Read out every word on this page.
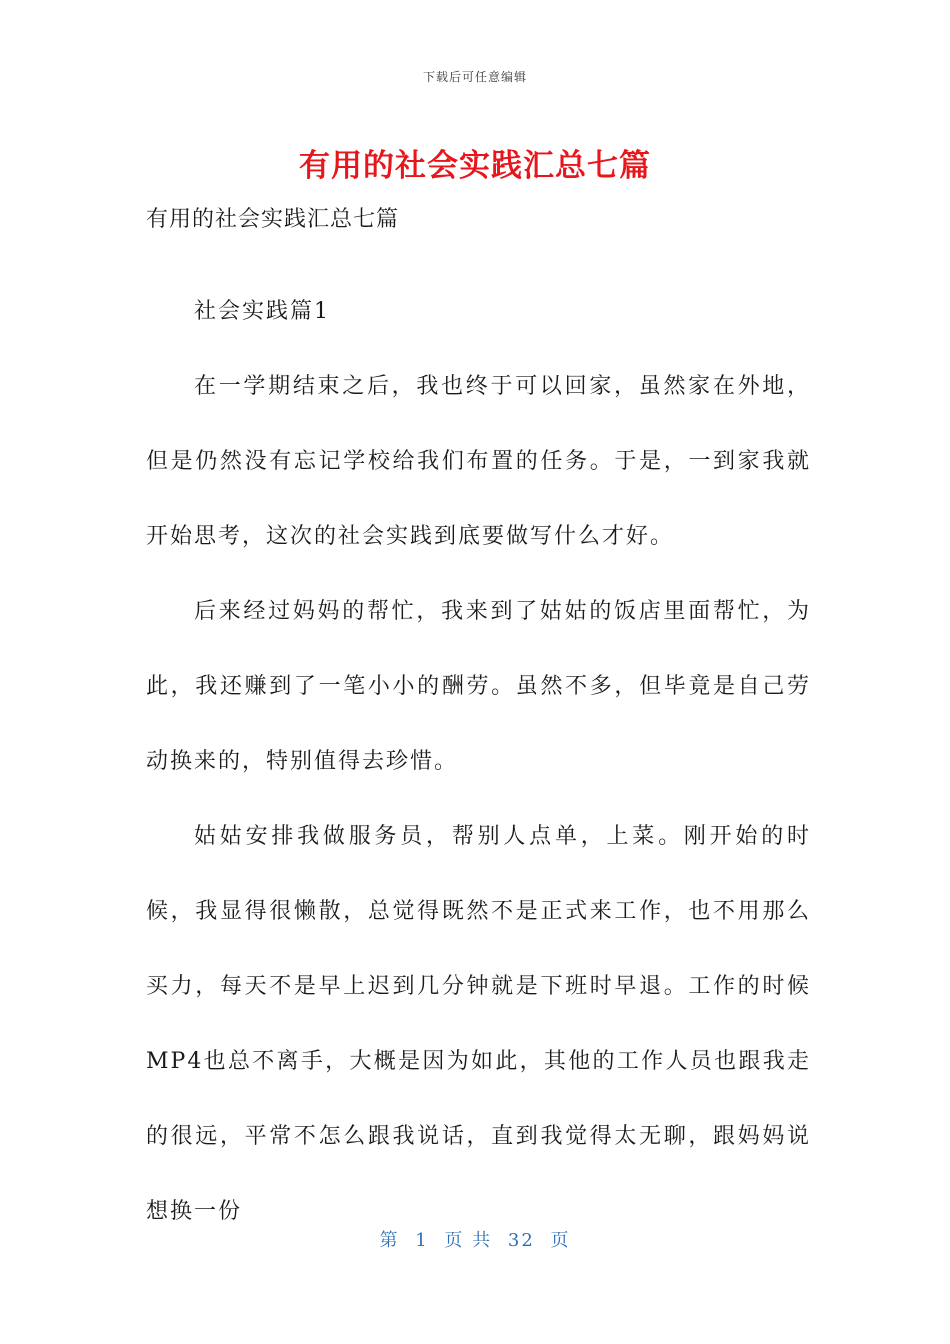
下载后可任意编辑
有用的社会实践汇总七篇

有用的社会实践汇总七篇

社会实践篇1

在一学期结束之后，我也终于可以回家，虽然家在外地，但是仍然没有忘记学校给我们布置的任务。于是，一到家我就开始思考，这次的社会实践到底要做写什么才好。

后来经过妈妈的帮忙，我来到了姑姑的饭店里面帮忙，为此，我还赚到了一笔小小的酬劳。虽然不多，但毕竟是自己劳动换来的，特别值得去珍惜。

姑姑安排我做服务员，帮别人点单，上菜。刚开始的时候，我显得很懒散，总觉得既然不是正式来工作，也不用那么买力，每天不是早上迟到几分钟就是下班时早退。工作的时候MP4也总不离手，大概是因为如此，其他的工作人员也跟我走的很远，平常不怎么跟我说话，直到我觉得太无聊，跟妈妈说想换一份

第 1 页 共 32 页
